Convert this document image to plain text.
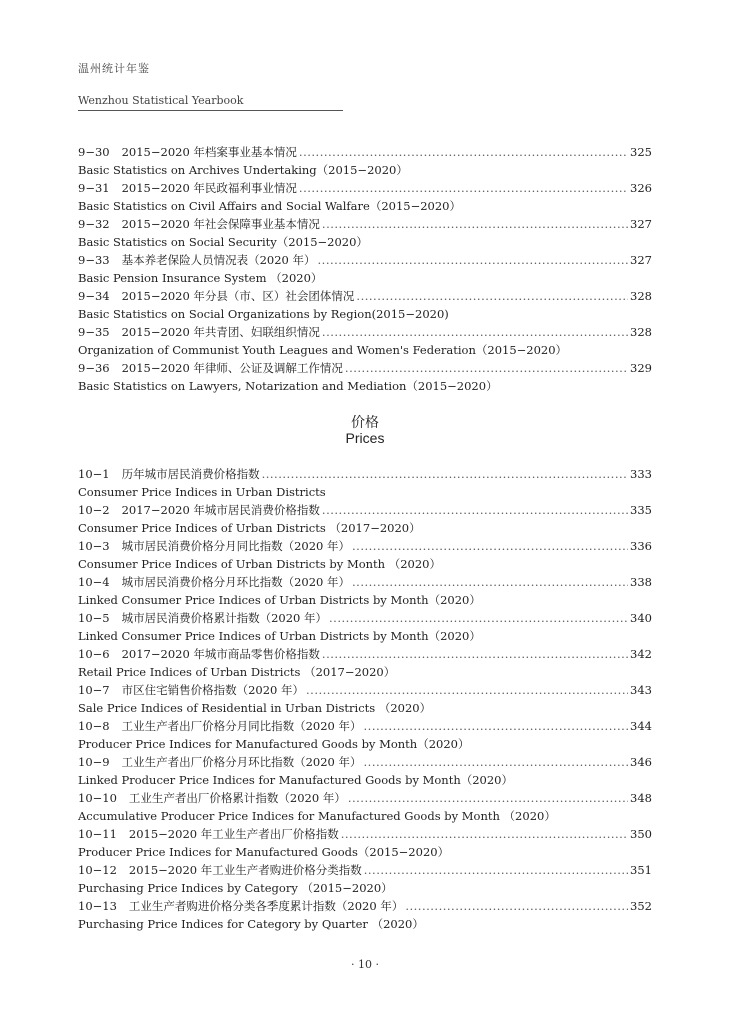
温州统计年鉴
Wenzhou Statistical Yearbook
9−30 2015−2020 年档案事业基本情况 .....	325
Basic Statistics on Archives Undertaking（2015−2020）
9−31 2015−2020 年民政福利事业情况 .....	326
Basic Statistics on Civil Affairs and Social Walfare（2015−2020）
9−32 2015−2020 年社会保障事业基本情况 .....	327
Basic Statistics on Social Security（2015−2020）
9−33 基本养老保险人员情况表（2020 年） .....	327
Basic Pension Insurance System （2020）
9−34 2015−2020 年分县（市、区）社会团体情况 .....	328
Basic Statistics on Social Organizations by Region(2015−2020)
9−35 2015−2020 年共青团、妇联组织情况 .....	328
Organization of Communist Youth Leagues and Women's Federation（2015−2020）
9−36 2015−2020 年律师、公证及调解工作情况 .....	329
Basic Statistics on Lawyers, Notarization and Mediation（2015−2020）
价格
Prices
10−1 历年城市居民消费价格指数 .....	333
Consumer Price Indices in Urban Districts
10−2 2017−2020 年城市居民消费价格指数 .....	335
Consumer Price Indices of Urban Districts （2017−2020）
10−3 城市居民消费价格分月同比指数（2020 年） .....	336
Consumer Price Indices of Urban Districts by Month （2020）
10−4 城市居民消费价格分月环比指数（2020 年） .....	338
Linked Consumer Price Indices of Urban Districts by Month（2020）
10−5 城市居民消费价格累计指数（2020 年） .....	340
Linked Consumer Price Indices of Urban Districts by Month（2020）
10−6 2017−2020 年城市商品零售价格指数 .....	342
Retail Price Indices of Urban Districts （2017−2020）
10−7 市区住宅销售价格指数（2020 年） .....	343
Sale Price Indices of Residential in Urban Districts （2020）
10−8 工业生产者出厂价格分月同比指数（2020 年） .....	344
Producer Price Indices for Manufactured Goods by Month（2020）
10−9 工业生产者出厂价格分月环比指数（2020 年） .....	346
Linked Producer Price Indices for Manufactured Goods by Month（2020）
10−10 工业生产者出厂价格累计指数（2020 年） .....	348
Accumulative Producer Price Indices for Manufactured Goods by Month （2020）
10−11 2015−2020 年工业生产者出厂价格指数 .....	350
Producer Price Indices for Manufactured Goods（2015−2020）
10−12 2015−2020 年工业生产者购进价格分类指数 .....	351
Purchasing Price Indices by Category （2015−2020）
10−13 工业生产者购进价格分类各季度累计指数（2020 年） .....	352
Purchasing Price Indices for Category by Quarter （2020）
· 10 ·
